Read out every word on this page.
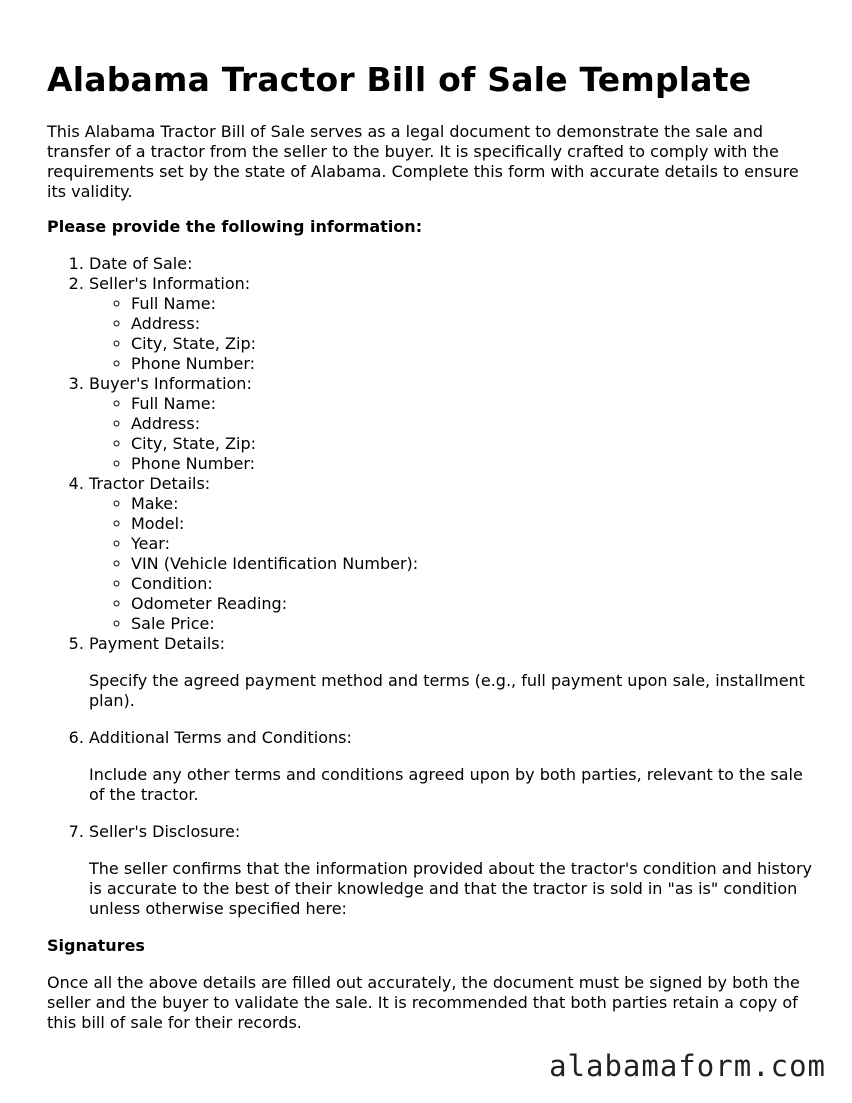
Alabama Tractor Bill of Sale Template

This Alabama Tractor Bill of Sale serves as a legal document to demonstrate the sale and transfer of a tractor from the seller to the buyer. It is specifically crafted to comply with the requirements set by the state of Alabama. Complete this form with accurate details to ensure its validity.

Please provide the following information:

1. Date of Sale:
2. Seller's Information:
◦ Full Name:
◦ Address:
◦ City, State, Zip:
◦ Phone Number:
3. Buyer's Information:
◦ Full Name:
◦ Address:
◦ City, State, Zip:
◦ Phone Number:
4. Tractor Details:
◦ Make:
◦ Model:
◦ Year:
◦ VIN (Vehicle Identification Number):
◦ Condition:
◦ Odometer Reading:
◦ Sale Price:
5. Payment Details:

Specify the agreed payment method and terms (e.g., full payment upon sale, installment plan).

6. Additional Terms and Conditions:

Include any other terms and conditions agreed upon by both parties, relevant to the sale of the tractor.

7. Seller's Disclosure:

The seller confirms that the information provided about the tractor's condition and history is accurate to the best of their knowledge and that the tractor is sold in "as is" condition unless otherwise specified here:

Signatures

Once all the above details are filled out accurately, the document must be signed by both the seller and the buyer to validate the sale. It is recommended that both parties retain a copy of this bill of sale for their records.

alabamaform.com
